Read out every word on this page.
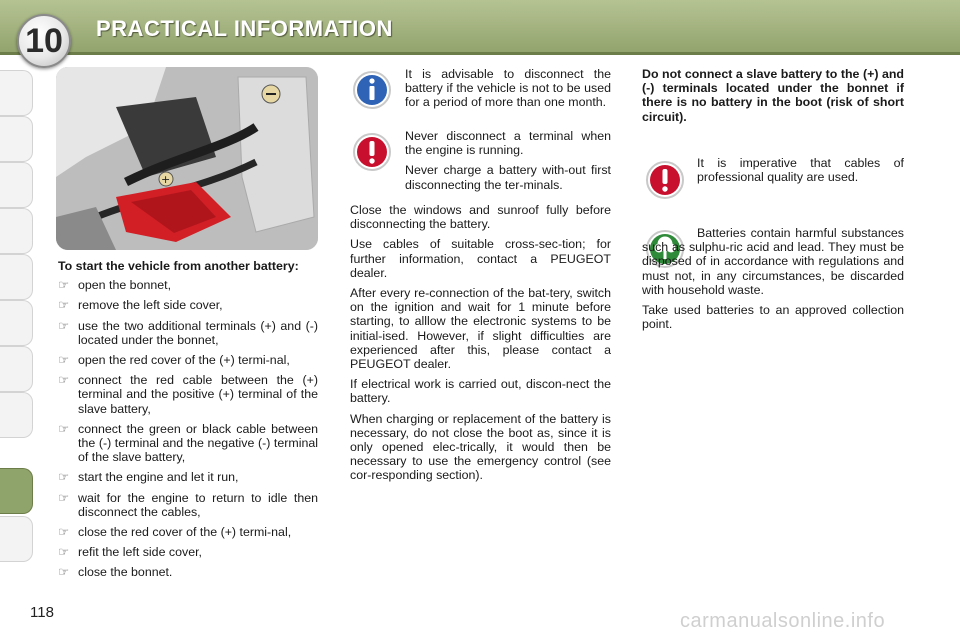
10	PRACTICAL INFORMATION
+

To start the vehicle from another battery:

☞ open the bonnet,
☞ remove the left side cover,
☞ use the two additional terminals (+) and (-) located under the bonnet,
☞ open the red cover of the (+) termi-nal,
☞ connect the red cable between the (+) terminal and the positive (+) terminal of the slave battery,
☞ connect the green or black cable between the (-) terminal and the negative (-) terminal of the slave battery,
☞ start the engine and let it run,
☞ wait for the engine to return to idle then disconnect the cables,
☞ close the red cover of the (+) termi-nal,
☞ refit the left side cover,
☞ close the bonnet.

It is advisable to disconnect the battery if the vehicle is not to be used for a period of more than one month.

Never disconnect a terminal when the engine is running.

Never charge a battery with-out first disconnecting the ter-minals.

Close the windows and sunroof fully before disconnecting the battery.

Use cables of suitable cross-sec-tion; for further information, contact a PEUGEOT dealer.

After every re-connection of the bat-tery, switch on the ignition and wait for 1 minute before starting, to alllow the electronic systems to be initial-ised. However, if slight difficulties are experienced after this, please contact a PEUGEOT dealer.

If electrical work is carried out, discon-nect the battery.

When charging or replacement of the battery is necessary, do not close the boot as, since it is only opened elec-trically, it would then be necessary to use the emergency control (see cor-responding section).

Do not connect a slave battery to the (+) and (-) terminals located under the bonnet if there is no battery in the boot (risk of short circuit).

It is imperative that cables of professional quality are used.

Batteries contain harmful substances such as sulphu-ric acid and lead. They must be disposed of in accordance with regulations and must not, in any circumstances, be discarded with household waste.

Take used batteries to an approved collection point.

118	carmanualsonline.info
